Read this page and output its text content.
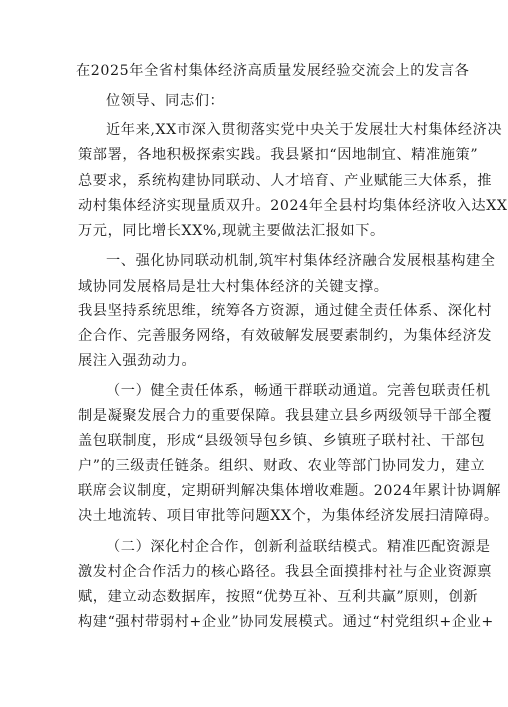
在2025年全省村集体经济高质量发展经验交流会上的发言各
位领导、同志们：
近年来,XX市深入贯彻落实党中央关于发展壮大村集体经济决
策部署，各地积极探索实践。我县紧扣“因地制宜、精准施策”
总要求，系统构建协同联动、人才培育、产业赋能三大体系，推
动村集体经济实现量质双升。2024年全县村均集体经济收入达XX
万元，同比增长XX%,现就主要做法汇报如下。
一、强化协同联动机制,筑牢村集体经济融合发展根基构建全
域协同发展格局是壮大村集体经济的关键支撑。
我县坚持系统思维，统筹各方资源，通过健全责任体系、深化村
企合作、完善服务网络，有效破解发展要素制约，为集体经济发
展注入强劲动力。
（一）健全责任体系，畅通干群联动通道。完善包联责任机
制是凝聚发展合力的重要保障。我县建立县乡两级领导干部全覆
盖包联制度，形成“县级领导包乡镇、乡镇班子联村社、干部包
户”的三级责任链条。组织、财政、农业等部门协同发力，建立
联席会议制度，定期研判解决集体增收难题。2024年累计协调解
决土地流转、项目审批等问题XX个，为集体经济发展扫清障碍。
（二）深化村企合作，创新利益联结模式。精准匹配资源是
激发村企合作活力的核心路径。我县全面摸排村社与企业资源禀
赋，建立动态数据库，按照“优势互补、互利共赢”原则，创新
构建“强村带弱村+企业”协同发展模式。通过“村党组织+企业+
